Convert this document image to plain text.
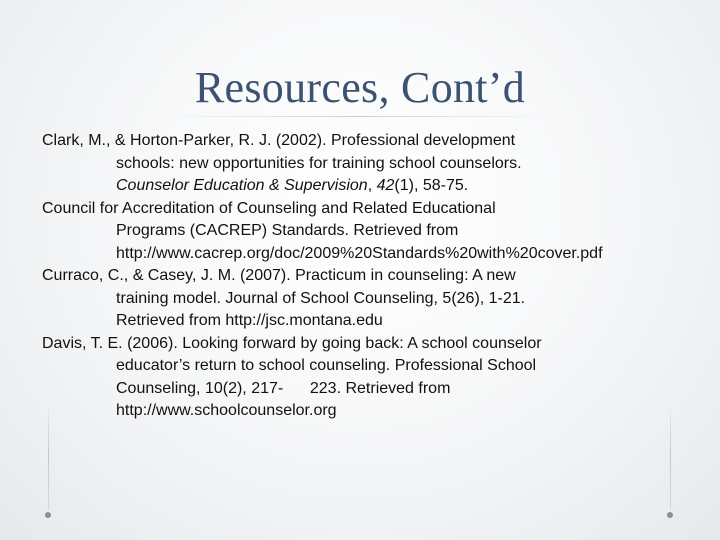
Resources, Cont’d
Clark, M., & Horton-Parker, R. J. (2002). Professional development
schools: new opportunities for training school counselors.
Counselor Education & Supervision, 42(1), 58-75.
Council for Accreditation of Counseling and Related Educational
Programs (CACREP) Standards. Retrieved from
http://www.cacrep.org/doc/2009%20Standards%20with%20cover.pdf
Curraco, C., & Casey, J. M. (2007). Practicum in counseling: A new
training model. Journal of School Counseling, 5(26), 1-21.
Retrieved from http://jsc.montana.edu
Davis, T. E. (2006). Looking forward by going back: A school counselor
educator’s return to school counseling. Professional School
Counseling, 10(2), 217-      223. Retrieved from
http://www.schoolcounselor.org
